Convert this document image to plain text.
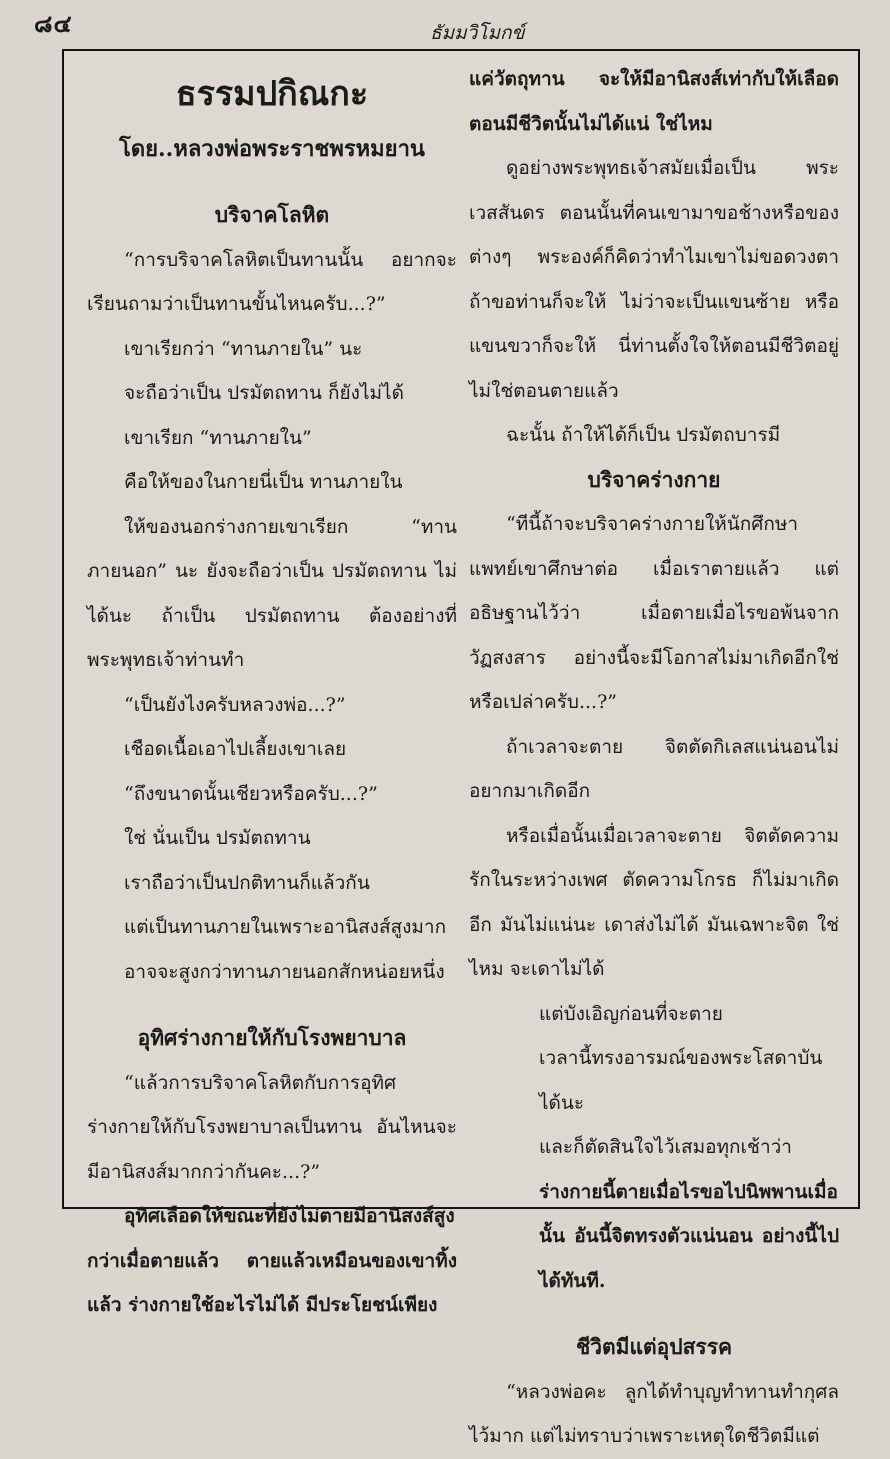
๘๔	ธัมมวิโมกข์

ธรรมปกิณกะ

โดย..หลวงพ่อพระราชพรหมยาน

บริจาคโลหิต

“การบริจาคโลหิตเป็นทานนั้น อยากจะเรียนถามว่าเป็นทานขั้นไหนครับ...?”

เขาเรียกว่า “ทานภายใน” นะ

จะถือว่าเป็น ปรมัตถทาน ก็ยังไม่ได้

เขาเรียก “ทานภายใน”

คือให้ของในกายนี่เป็น ทานภายใน

ให้ของนอกร่างกายเขาเรียก “ทานภายนอก” นะ ยังจะถือว่าเป็น ปรมัตถทาน ไม่ได้นะ ถ้าเป็น ปรมัตถทาน ต้องอย่างที่พระพุทธเจ้าท่านทำ

“เป็นยังไงครับหลวงพ่อ...?”

เชือดเนื้อเอาไปเลี้ยงเขาเลย

“ถึงขนาดนั้นเชียวหรือครับ...?”

ใช่ นั่นเป็น ปรมัตถทาน

เราถือว่าเป็นปกติทานก็แล้วกัน

แต่เป็นทานภายในเพราะอานิสงส์สูงมาก

อาจจะสูงกว่าทานภายนอกสักหน่อยหนึ่ง

อุทิศร่างกายให้กับโรงพยาบาล

“แล้วการบริจาคโลหิตกับการอุทิศร่างกายให้กับโรงพยาบาลเป็นทาน อันไหนจะมีอานิสงส์มากกว่ากันคะ...?”

อุทิศเลือดให้ขณะที่ยังไม่ตายมีอานิสงส์สูงกว่าเมื่อตายแล้ว ตายแล้วเหมือนของเขาทิ้งแล้ว ร่างกายใช้อะไรไม่ได้ มีประโยชน์เพียง

แค่วัตถุทาน จะให้มีอานิสงส์เท่ากับให้เลือดตอนมีชีวิตนั้นไม่ได้แน่ ใช่ไหม

ดูอย่างพระพุทธเจ้าสมัยเมื่อเป็น พระเวสสันดร ตอนนั้นที่คนเขามาขอช้างหรือของต่างๆ พระองค์ก็คิดว่าทำไมเขาไม่ขอดวงตา ถ้าขอท่านก็จะให้ ไม่ว่าจะเป็นแขนซ้าย หรือแขนขวาก็จะให้ นี่ท่านตั้งใจให้ตอนมีชีวิตอยู่ ไม่ใช่ตอนตายแล้ว

ฉะนั้น ถ้าให้ได้ก็เป็น ปรมัตถบารมี

บริจาคร่างกาย

“ทีนี้ถ้าจะบริจาคร่างกายให้นักศึกษาแพทย์เขาศึกษาต่อ เมื่อเราตายแล้ว แต่อธิษฐานไว้ว่า เมื่อตายเมื่อไรขอพ้นจากวัฏสงสาร อย่างนี้จะมีโอกาสไม่มาเกิดอีกใช่หรือเปล่าครับ...?”

ถ้าเวลาจะตาย จิตตัดกิเลสแน่นอนไม่อยากมาเกิดอีก

หรือเมื่อนั้นเมื่อเวลาจะตาย จิตตัดความรักในระหว่างเพศ ตัดความโกรธ ก็ไม่มาเกิดอีก มันไม่แน่นะ เดาส่งไม่ได้ มันเฉพาะจิต ใช่ไหม จะเดาไม่ได้

แต่บังเอิญก่อนที่จะตาย

เวลานี้ทรงอารมณ์ของพระโสดาบันได้นะ

และก็ตัดสินใจไว้เสมอทุกเช้าว่า

ร่างกายนี้ตายเมื่อไรขอไปนิพพานเมื่อนั้น อันนี้จิตทรงตัวแน่นอน อย่างนี้ไปได้ทันที.

ชีวิตมีแต่อุปสรรค

“หลวงพ่อคะ ลูกได้ทำบุญทำทานทำกุศลไว้มาก แต่ไม่ทราบว่าเพราะเหตุใดชีวิตมีแต่
